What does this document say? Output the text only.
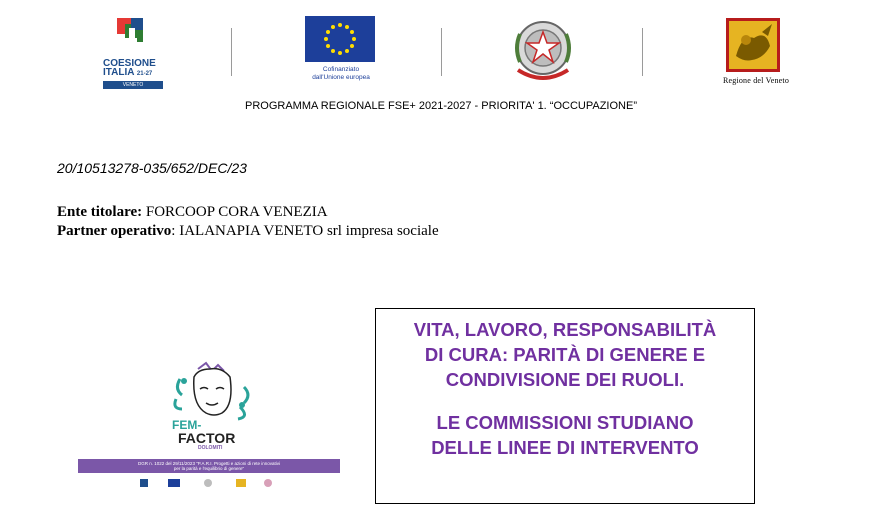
COESIONE
ITALIA 21-27
VENETO
Cofinanziato
dall'Unione europea	Regione del Veneto
PROGRAMMA REGIONALE FSE+ 2021-2027 - PRIORITA' 1. “OCCUPAZIONE”
20/10513278-035/652/DEC/23
Ente titolare: FORCOOP CORA VENEZIA
Partner operativo: IALANAPIA VENETO srl impresa sociale
FEM-
FACTOR
DOLOMITI
DGR n. 1022 del 29/11/2023 "P.A.R.I. Progetti e azioni di rete innovativi
per la parità e l'equilibrio di genere"
VITA, LAVORO, RESPONSABILITÀ
DI CURA: PARITÀ DI GENERE E
CONDIVISIONE DEI RUOLI.
LE COMMISSIONI STUDIANO
DELLE LINEE DI INTERVENTO
